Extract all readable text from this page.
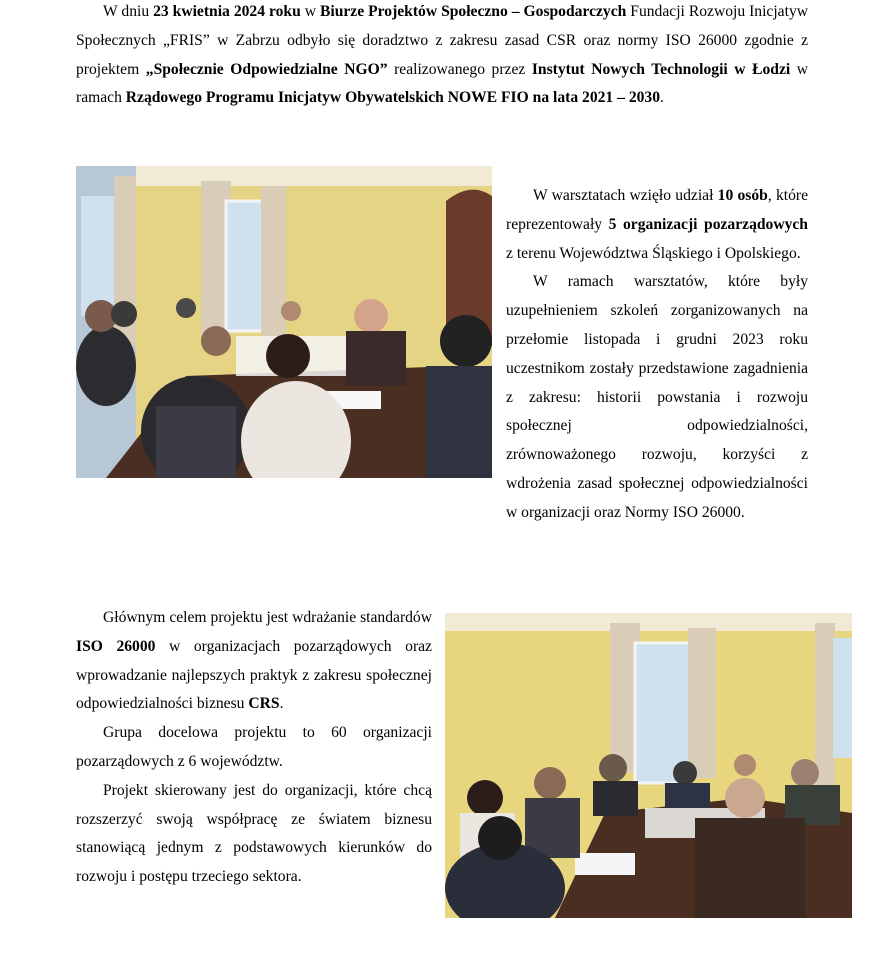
W dniu 23 kwietnia 2024 roku w Biurze Projektów Społeczno – Gospodarczych Fundacji Rozwoju Inicjatyw Społecznych „FRIS” w Zabrzu odbyło się doradztwo z zakresu zasad CSR oraz normy ISO 26000 zgodnie z projektem „Społecznie Odpowiedzialne NGO” realizowanego przez Instytut Nowych Technologii w Łodzi w ramach Rządowego Programu Inicjatyw Obywatelskich NOWE FIO na lata 2021 – 2030.

W warsztatach wzięło udział 10 osób, które reprezentowały 5 organizacji pozarządowych z terenu Województwa Śląskiego i Opolskiego.

W ramach warsztatów, które były uzupełnieniem szkoleń zorganizowanych na przełomie listopada i grudni 2023 roku uczestnikom zostały przedstawione zagadnienia z zakresu: historii powstania i rozwoju społecznej odpowiedzialności, zrównoważonego rozwoju, korzyści z wdrożenia zasad społecznej odpowiedzialności w organizacji oraz Normy ISO 26000.

Głównym celem projektu jest wdrażanie standardów ISO 26000 w organizacjach pozarządowych oraz wprowadzanie najlepszych praktyk z zakresu społecznej odpowiedzialności biznesu CRS.

Grupa docelowa projektu to 60 organizacji pozarządowych z 6 województw.

Projekt skierowany jest do organizacji, które chcą rozszerzyć swoją współpracę ze światem biznesu stanowiącą jednym z podstawowych kierunków do rozwoju i postępu trzeciego sektora.
